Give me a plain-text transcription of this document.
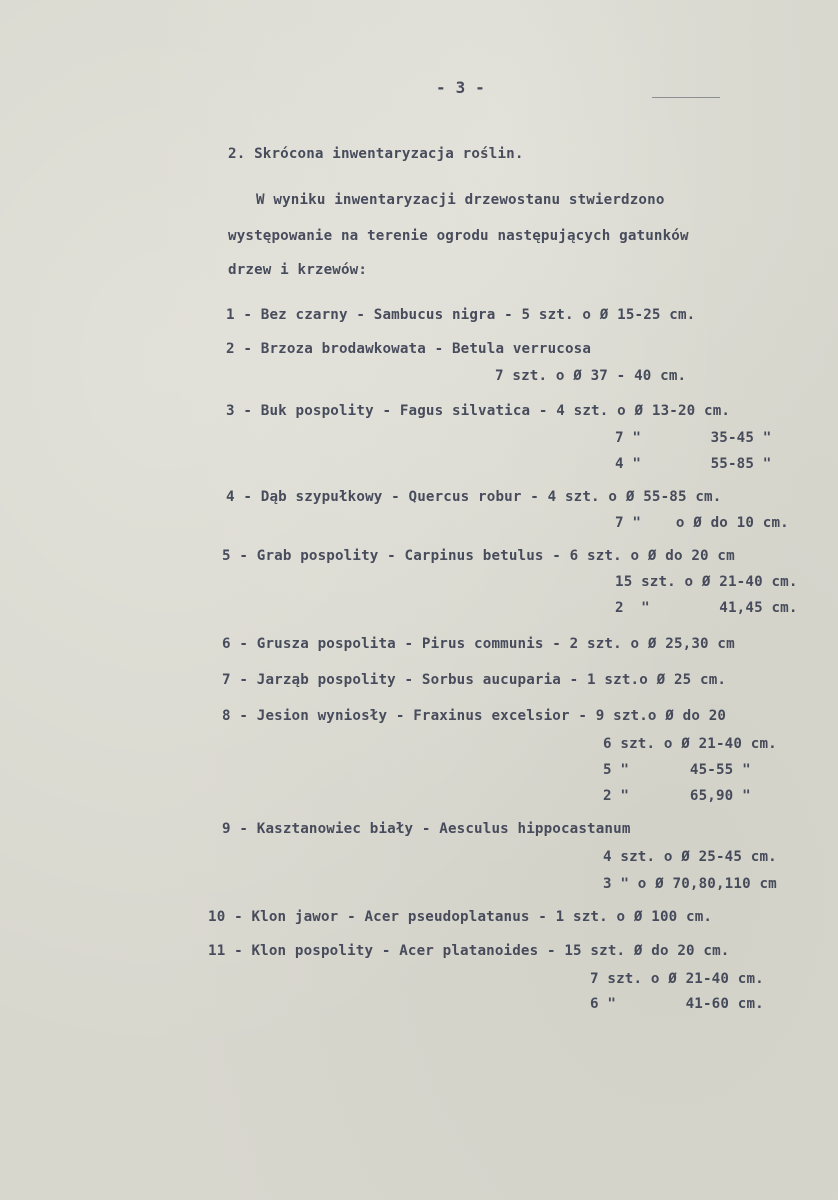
- 3 -
2. Skrócona inwentaryzacja roślin.
W wyniku inwentaryzacji drzewostanu stwierdzono
występowanie na terenie ogrodu następujących gatunków
drzew i krzewów:
1 - Bez czarny - Sambucus nigra - 5 szt. o Ø 15-25 cm.
2 - Brzoza brodawkowata - Betula verrucosa
7 szt. o Ø 37 - 40 cm.
3 - Buk pospolity - Fagus silvatica - 4 szt. o Ø 13-20 cm.
7 "        35-45 "
4 "        55-85 "
4 - Dąb szypułkowy - Quercus robur - 4 szt. o Ø 55-85 cm.
7 "    o Ø do 10 cm.
5 - Grab pospolity - Carpinus betulus - 6 szt. o Ø do 20 cm
15 szt. o Ø 21-40 cm.
2  "        41,45 cm.
6 - Grusza pospolita - Pirus communis - 2 szt. o Ø 25,30 cm
7 - Jarząb pospolity - Sorbus aucuparia - 1 szt.o Ø 25 cm.
8 - Jesion wyniosły - Fraxinus excelsior - 9 szt.o Ø do 20
6 szt. o Ø 21-40 cm.
5 "       45-55 "
2 "       65,90 "
9 - Kasztanowiec biały - Aesculus hippocastanum
4 szt. o Ø 25-45 cm.
3 " o Ø 70,80,110 cm
10 - Klon jawor - Acer pseudoplatanus - 1 szt. o Ø 100 cm.
11 - Klon pospolity - Acer platanoides - 15 szt. Ø do 20 cm.
7 szt. o Ø 21-40 cm.
6 "        41-60 cm.
